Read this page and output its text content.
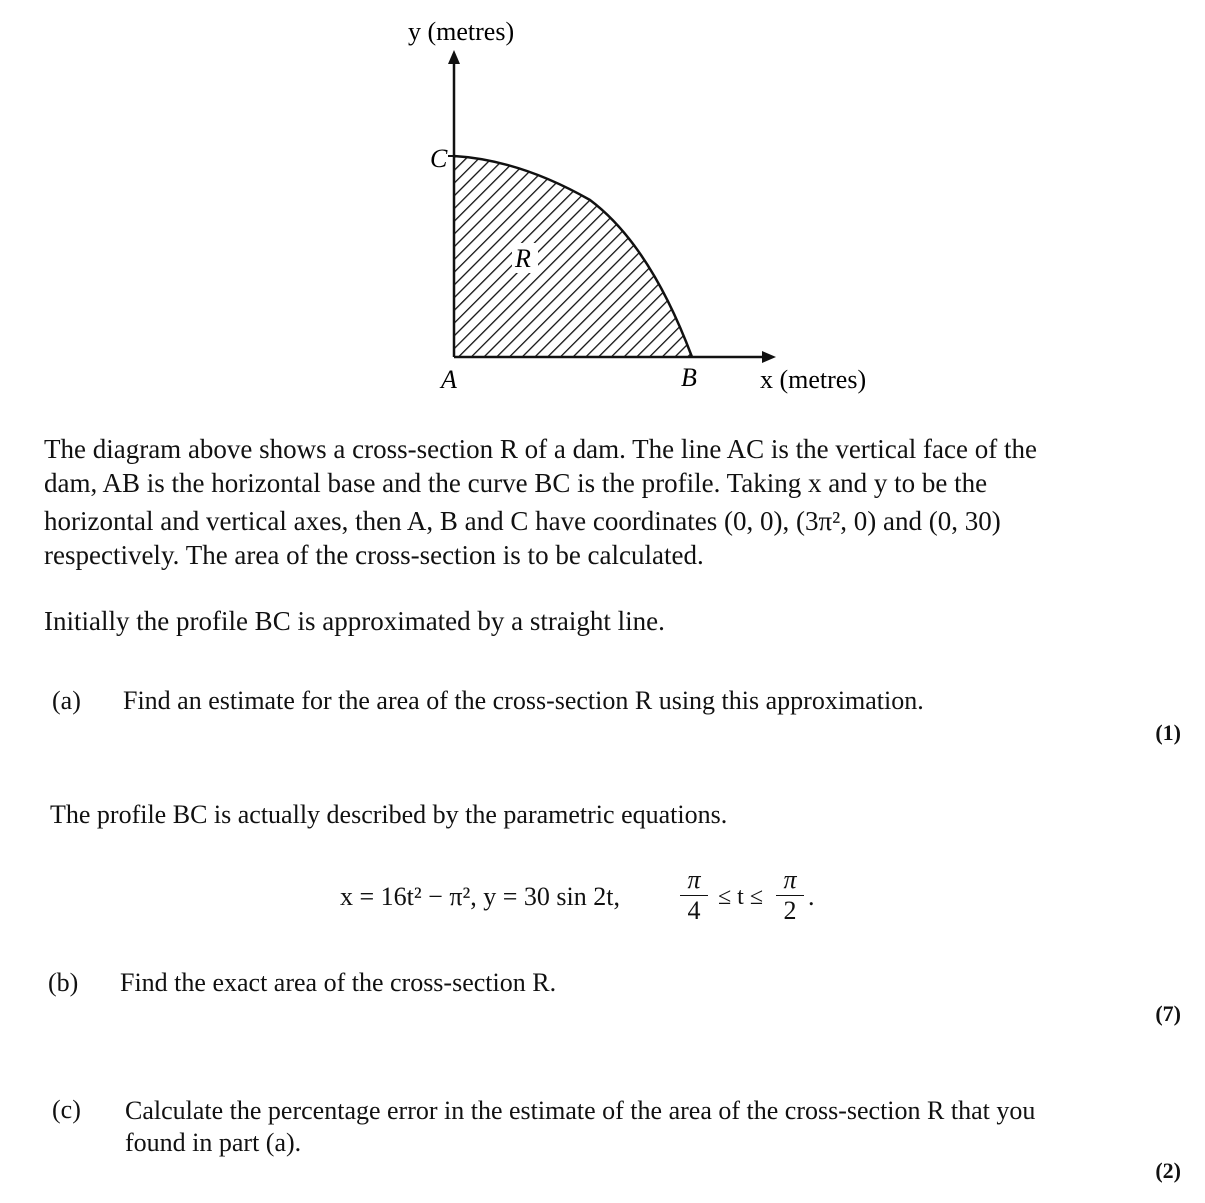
y (metres)
x (metres)
C
A	B
R
The diagram above shows a cross-section R of a dam. The line AC is the vertical face of the
dam, AB is the horizontal base and the curve BC is the profile. Taking x and y to be the
horizontal and vertical axes, then A, B and C have coordinates (0, 0), (3π², 0) and (0, 30)
respectively. The area of the cross-section is to be calculated.
Initially the profile BC is approximated by a straight line.
(a) Find an estimate for the area of the cross-section R using this approximation.
(1)
The profile BC is actually described by the parametric equations.
x = 16t² − π², y = 30 sin 2t,
π
4 ≤ t ≤
π
2 .
(b) Find the exact area of the cross-section R.
(7)
(c) Calculate the percentage error in the estimate of the area of the cross-section R that you
found in part (a).
(2)
